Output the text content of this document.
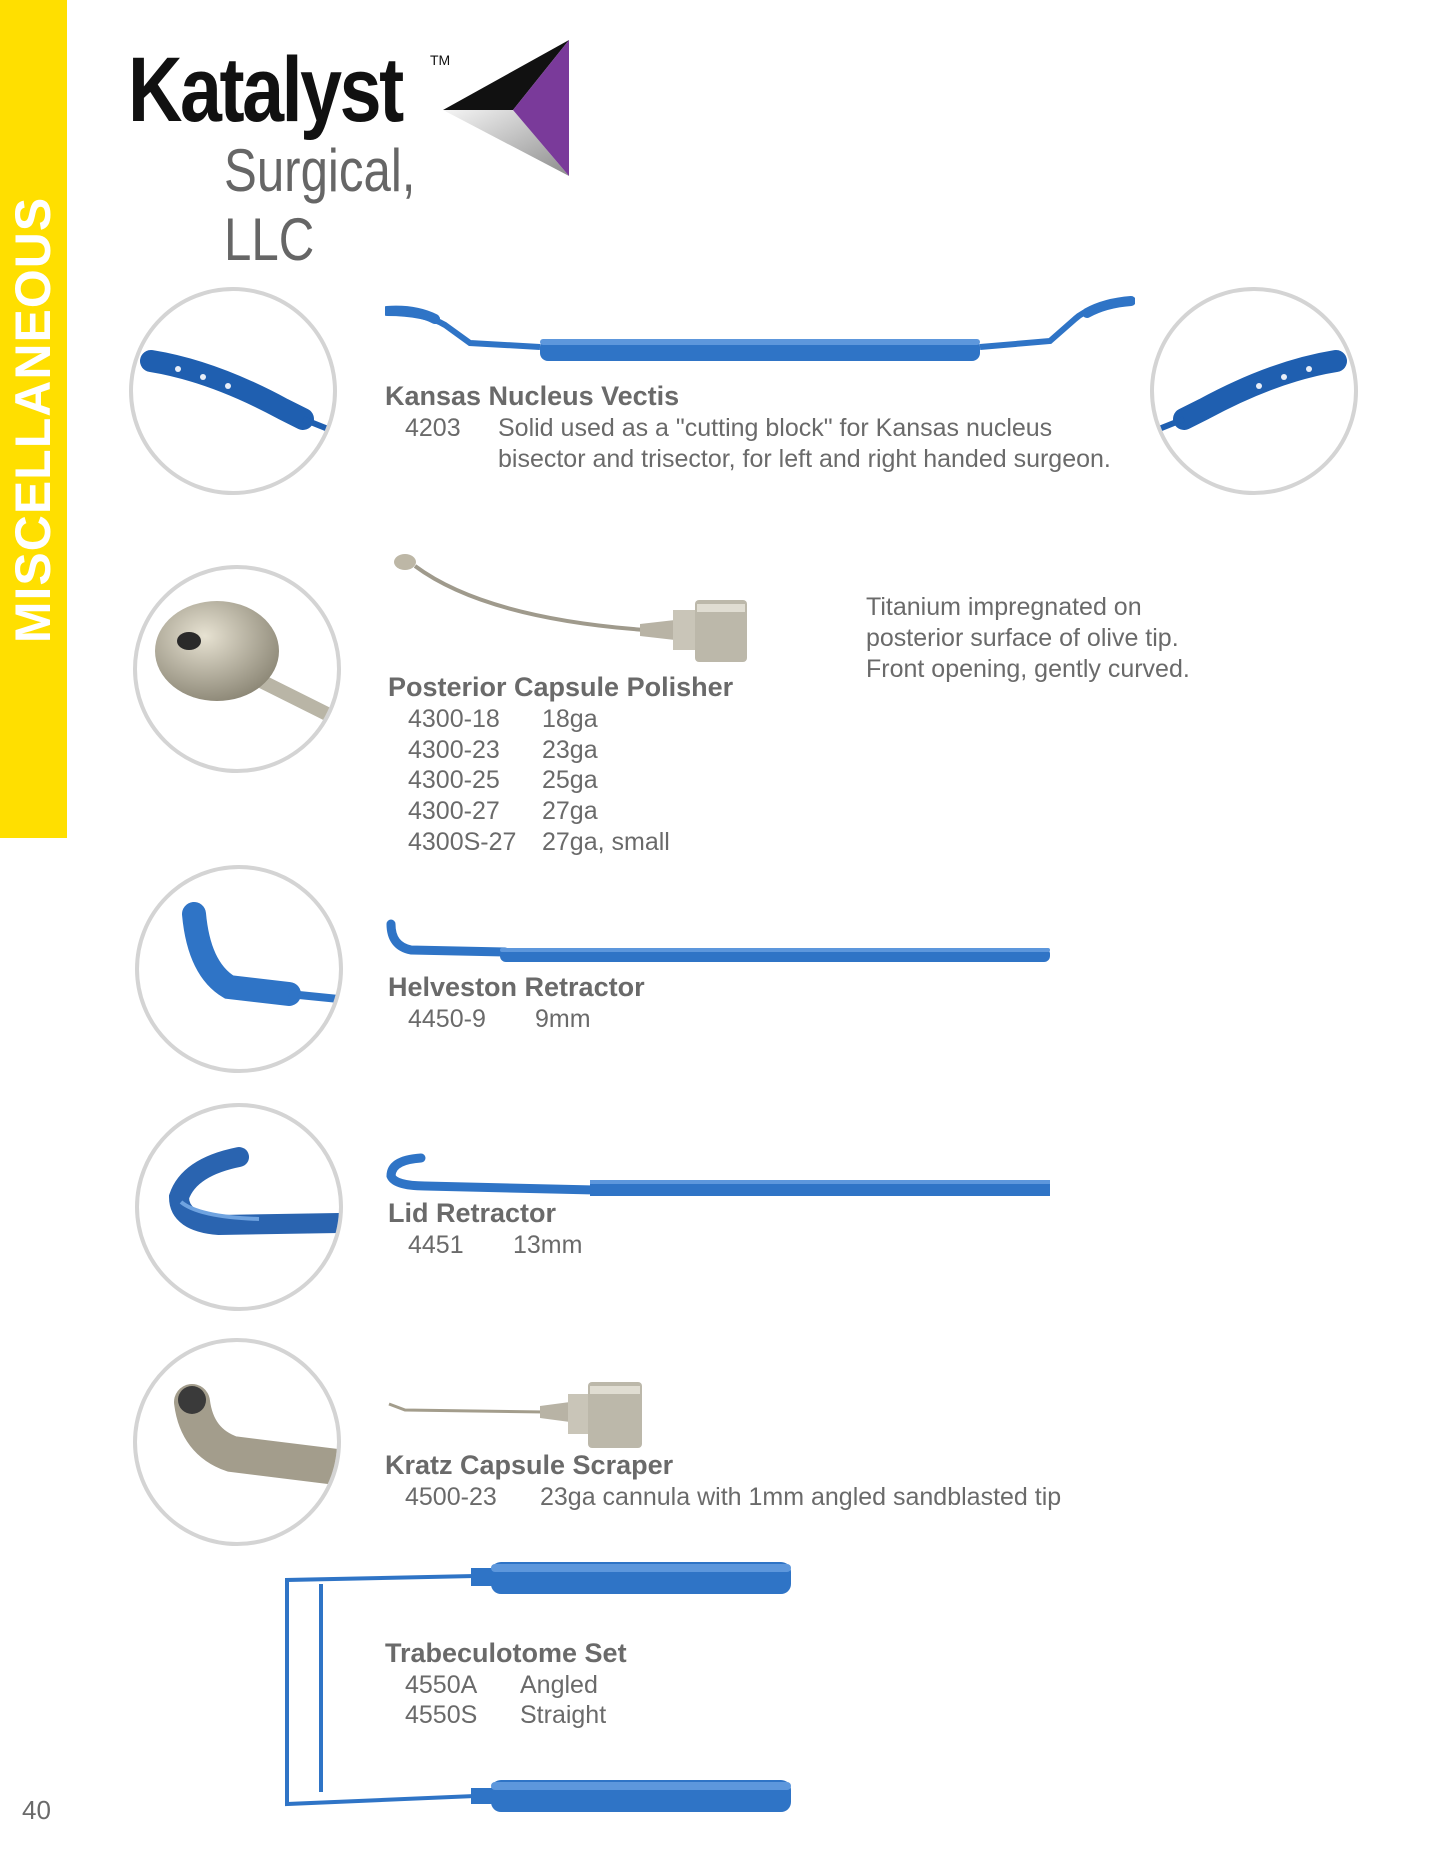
MISCELLANEOUS
Katalyst TM
Surgical, LLC
Kansas Nucleus Vectis
4203 Solid used as a "cutting block" for Kansas nucleus
bisector and trisector, for left and right handed surgeon.
Posterior Capsule Polisher
4300-18 18ga
4300-23 23ga
4300-25 25ga
4300-27 27ga
4300S-27 27ga, small
Titanium impregnated on
posterior surface of olive tip.
Front opening, gently curved.
Helveston Retractor
4450-9 9mm
Lid Retractor
4451 13mm
Kratz Capsule Scraper
4500-23 23ga cannula with 1mm angled sandblasted tip
Trabeculotome Set
4550A Angled
4550S Straight
40
